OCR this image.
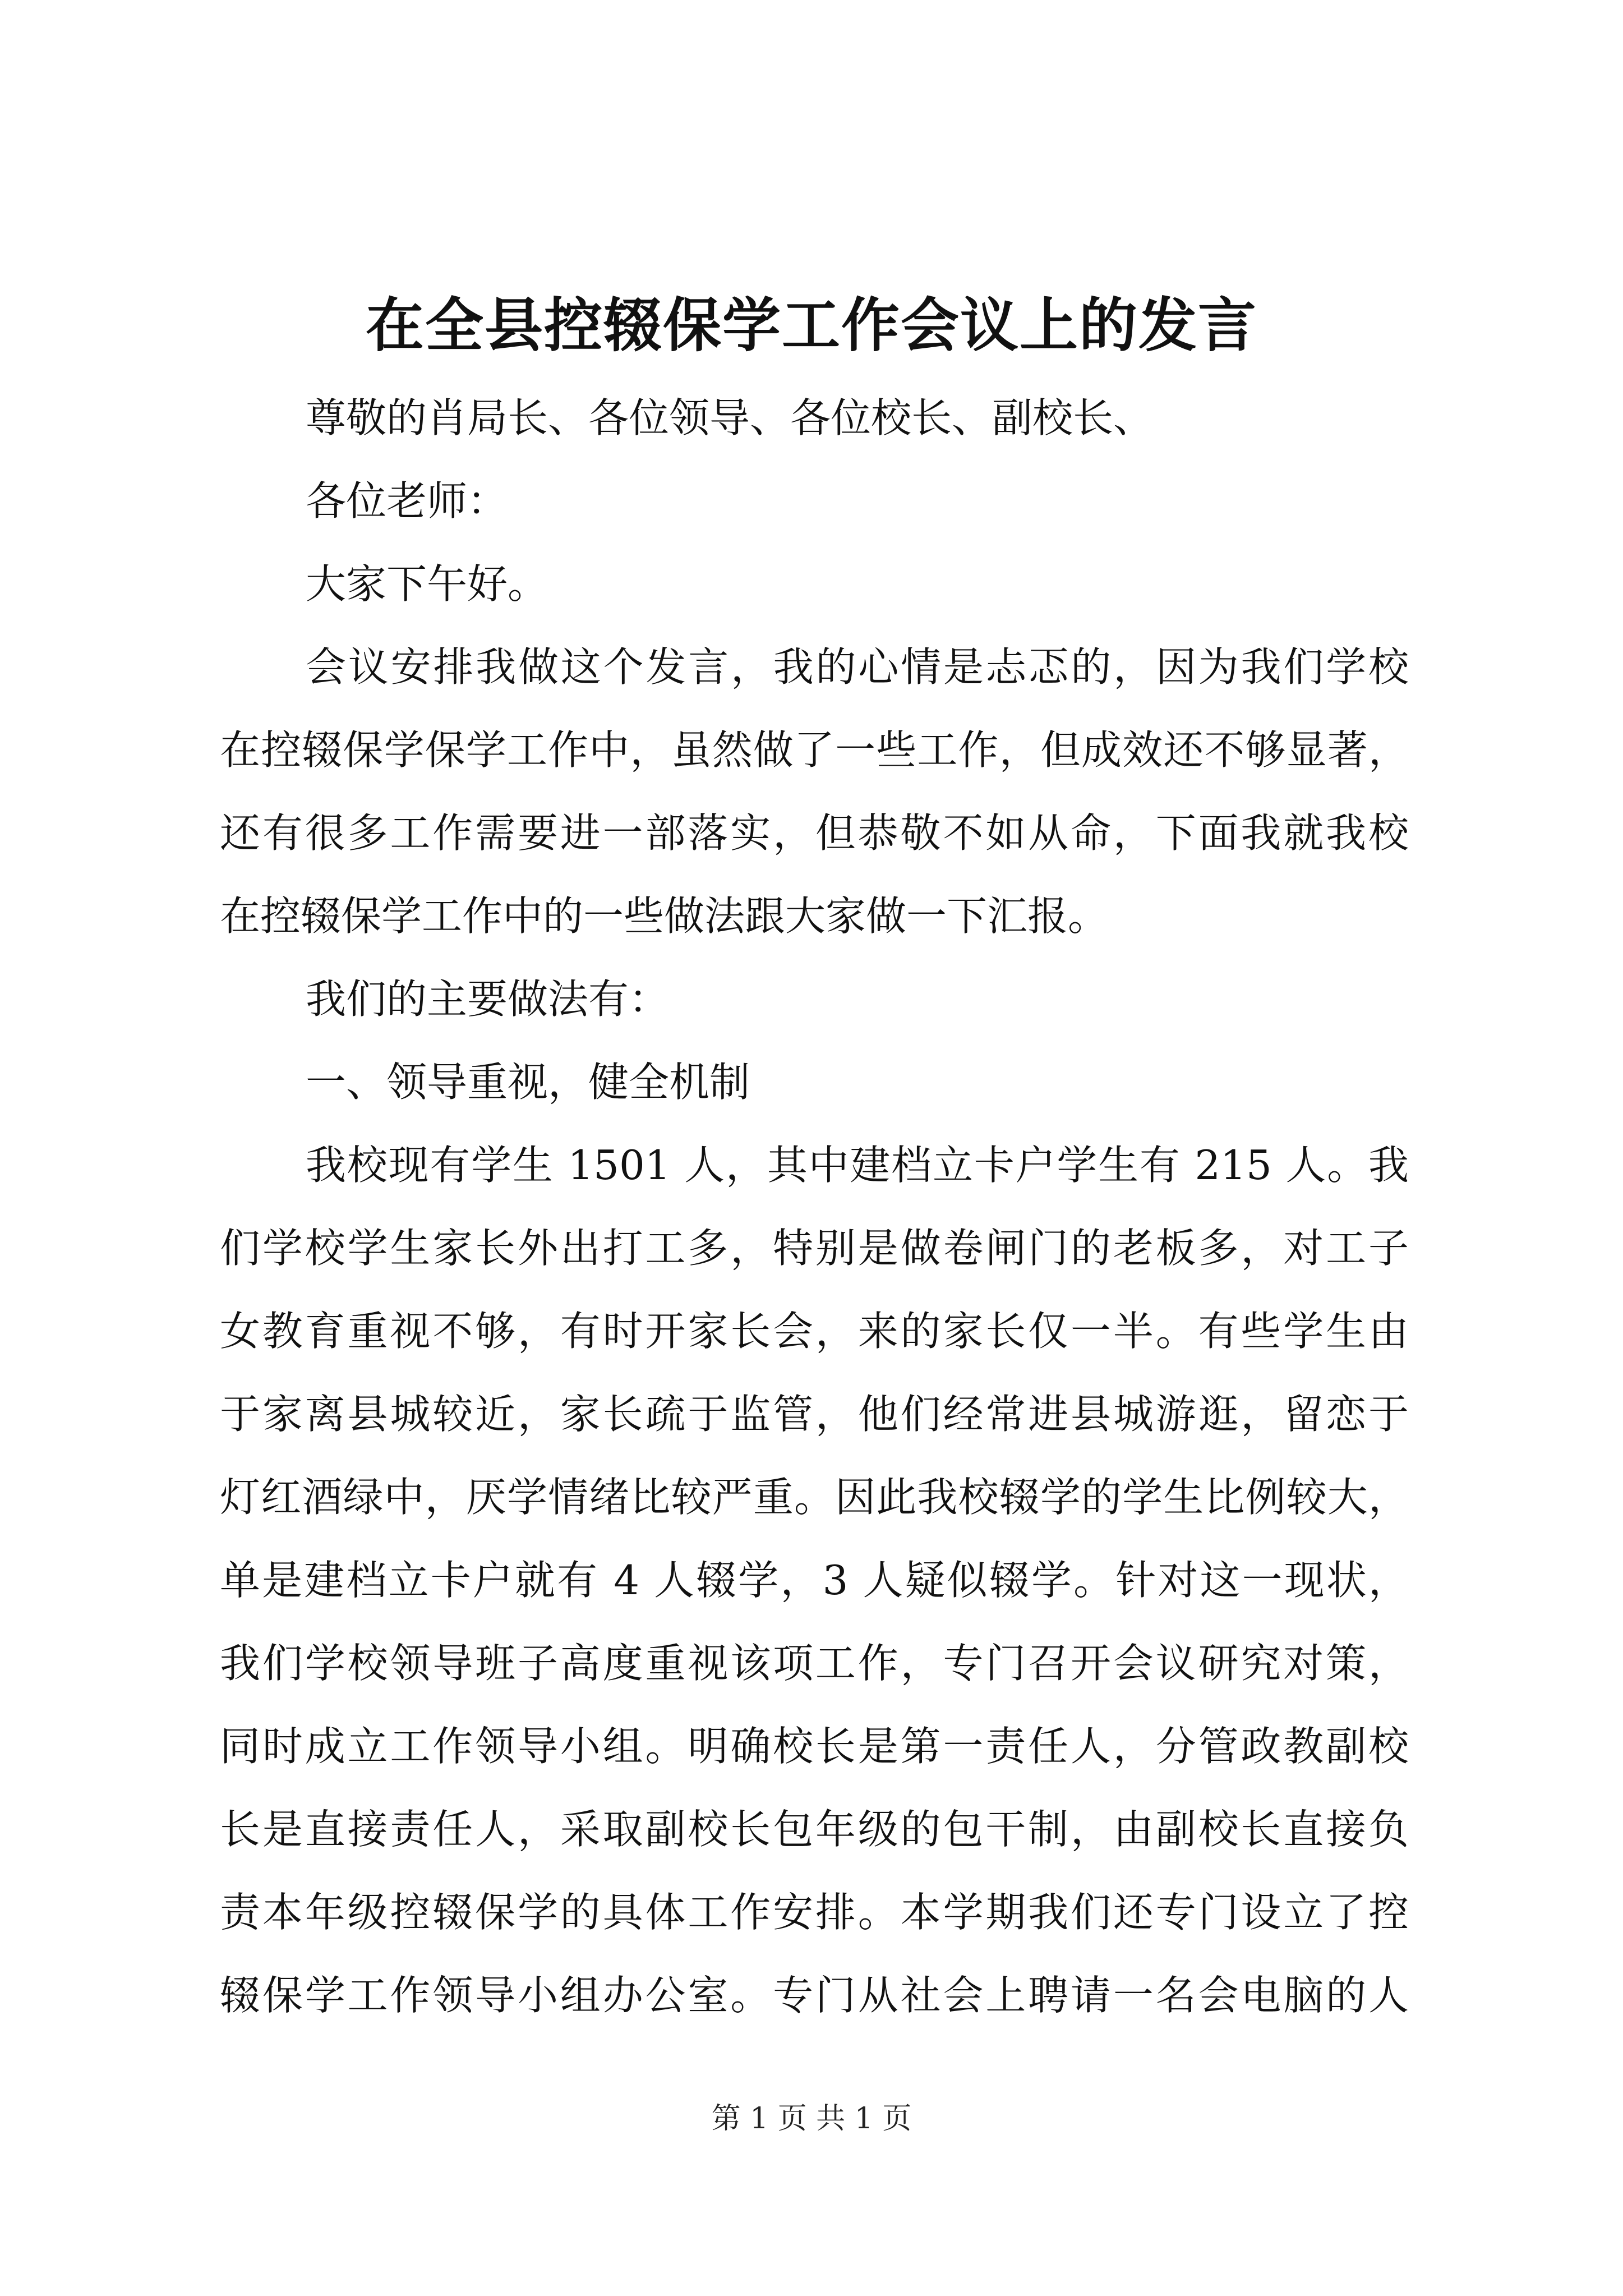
在全县控辍保学工作会议上的发言

尊敬的肖局长、各位领导、各位校长、副校长、

各位老师：

大家下午好。

会议安排我做这个发言，我的心情是忐忑的，因为我们学校

在控辍保学保学工作中，虽然做了一些工作，但成效还不够显著，

还有很多工作需要进一部落实，但恭敬不如从命，下面我就我校

在控辍保学工作中的一些做法跟大家做一下汇报。

我们的主要做法有：

一、领导重视，健全机制

我校现有学生 1501 人，其中建档立卡户学生有 215 人。我

们学校学生家长外出打工多，特别是做卷闸门的老板多，对工子

女教育重视不够，有时开家长会，来的家长仅一半。有些学生由

于家离县城较近，家长疏于监管，他们经常进县城游逛，留恋于

灯红酒绿中，厌学情绪比较严重。因此我校辍学的学生比例较大，

单是建档立卡户就有 4 人辍学，3 人疑似辍学。针对这一现状，

我们学校领导班子高度重视该项工作，专门召开会议研究对策，

同时成立工作领导小组。明确校长是第一责任人，分管政教副校

长是直接责任人，采取副校长包年级的包干制，由副校长直接负

责本年级控辍保学的具体工作安排。本学期我们还专门设立了控

辍保学工作领导小组办公室。专门从社会上聘请一名会电脑的人

第 1 页 共 1 页
